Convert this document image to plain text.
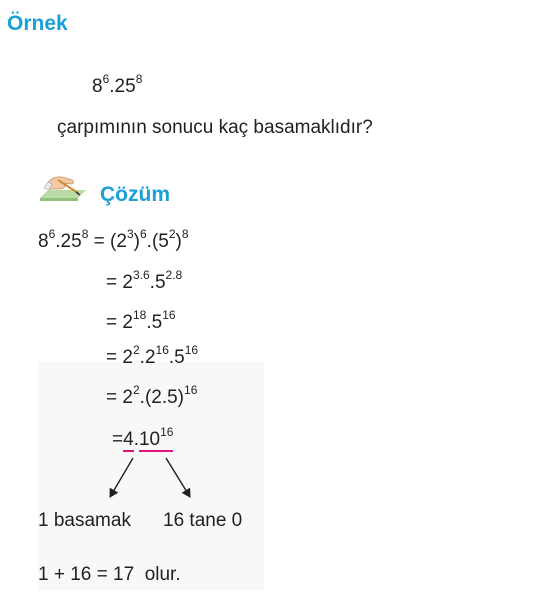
Örnek
$8^6.25^8$
çarpımının sonucu kaç basamaklıdır?
Çözüm
$8^6.25^8 = (2^3)^6.(5^2)^8$
= $2^{3.6}.5^{2.8}$
= $2^{18}.5^{16}$
= $2^2.2^{16}.5^{16}$
= $2^2.(2.5)^{16}$
$=4.10^{16}$
1 basamak 16 tane 0
1 + 16 = 17  olur.
